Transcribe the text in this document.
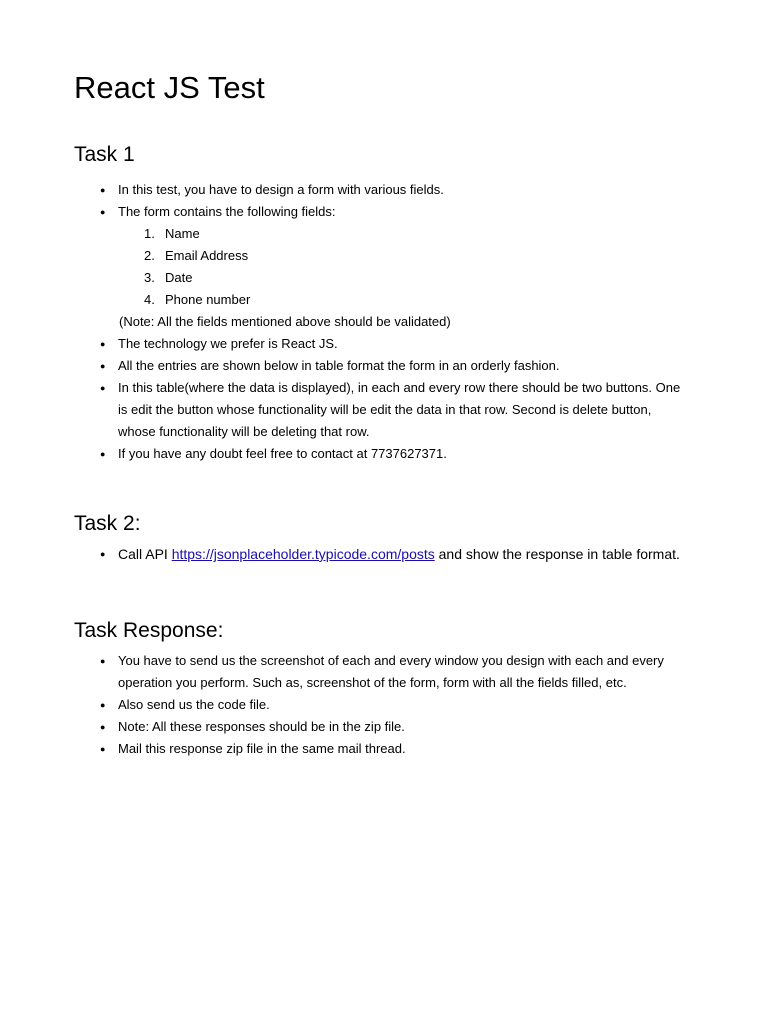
React JS Test
Task 1
● In this test, you have to design a form with various fields.
● The form contains the following fields:
1. Name
2. Email Address
3. Date
4. Phone number
(Note: All the fields mentioned above should be validated)
● The technology we prefer is React JS.
● All the entries are shown below in table format the form in an orderly fashion.
● In this table(where the data is displayed), in each and every row there should be two buttons. One is edit the button whose functionality will be edit the data in that row. Second is delete button, whose functionality will be deleting that row.
● If you have any doubt feel free to contact at 7737627371.
Task 2:
● Call API https://jsonplaceholder.typicode.com/posts and show the response in table format.
Task Response:
● You have to send us the screenshot of each and every window you design with each and every operation you perform. Such as, screenshot of the form, form with all the fields filled, etc.
● Also send us the code file.
● Note: All these responses should be in the zip file.
● Mail this response zip file in the same mail thread.
